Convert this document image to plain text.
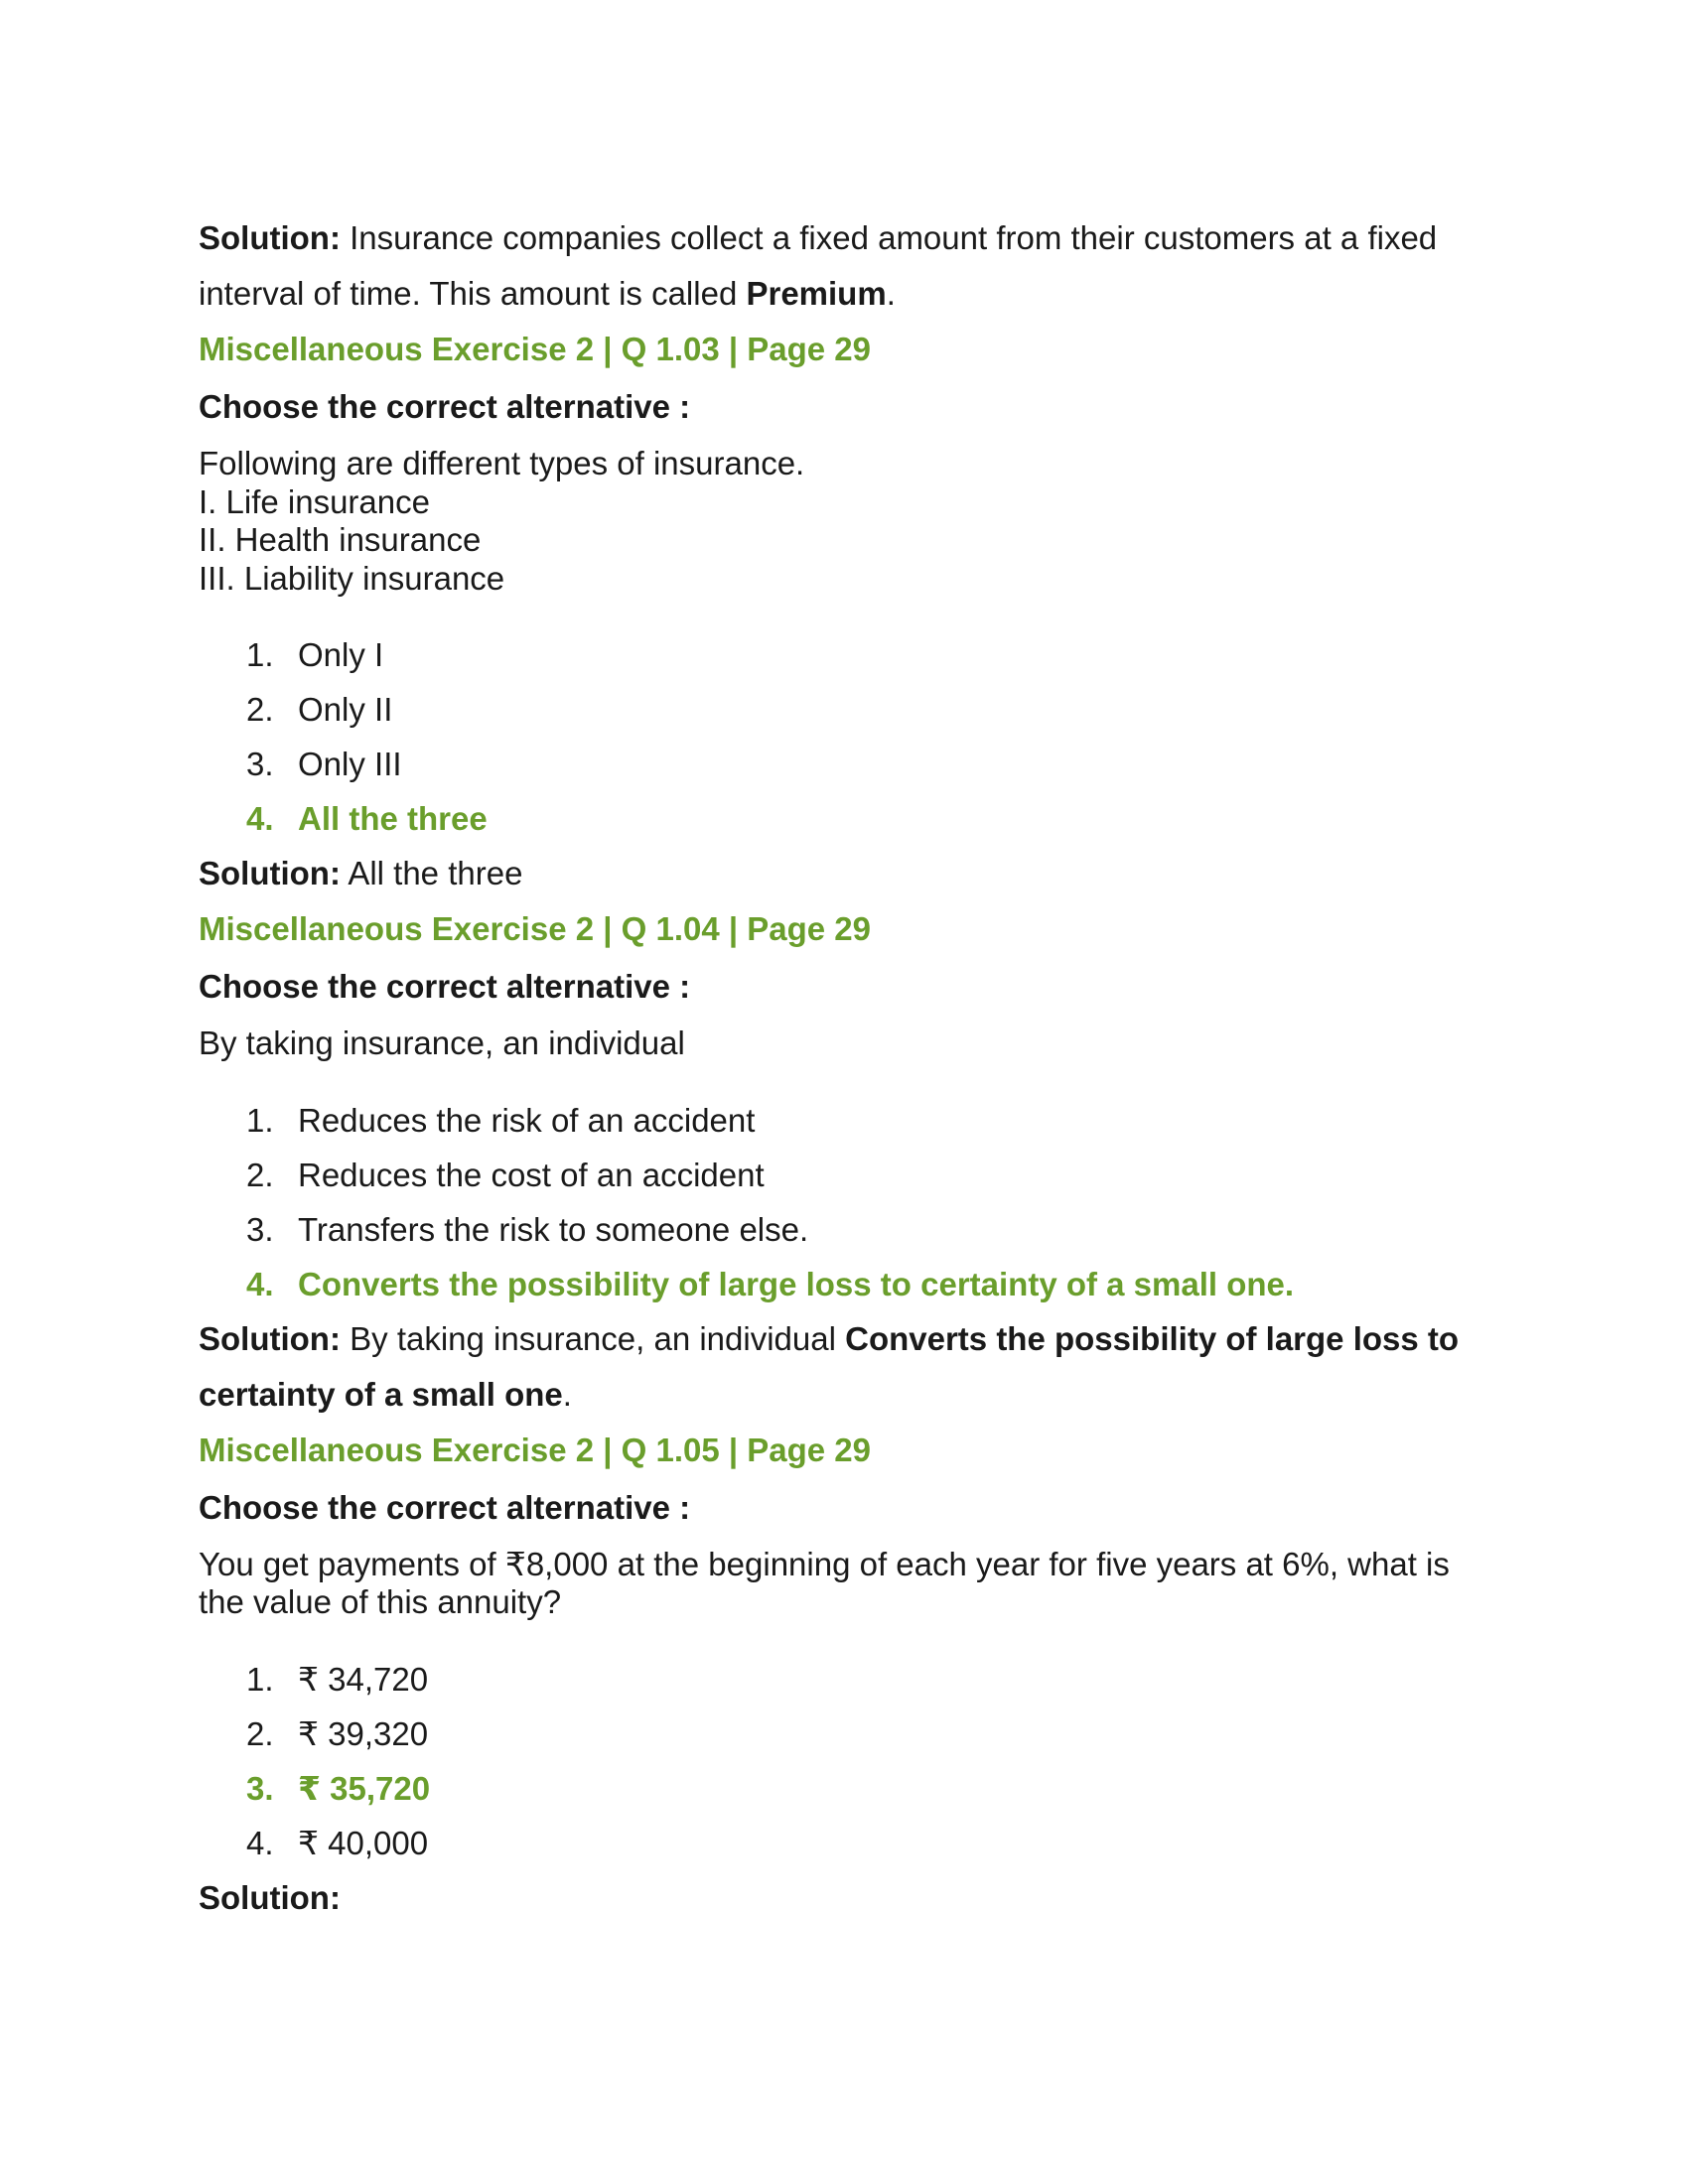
Solution: Insurance companies collect a fixed amount from their customers at a fixed interval of time. This amount is called Premium.

Miscellaneous Exercise 2 | Q 1.03 | Page 29

Choose the correct alternative :

Following are different types of insurance.
I. Life insurance
II. Health insurance
III. Liability insurance
1. Only I
2. Only II
3. Only III
4. All the three

Solution: All the three

Miscellaneous Exercise 2 | Q 1.04 | Page 29

Choose the correct alternative :

By taking insurance, an individual
1. Reduces the risk of an accident
2. Reduces the cost of an accident
3. Transfers the risk to someone else.
4. Converts the possibility of large loss to certainty of a small one.

Solution: By taking insurance, an individual Converts the possibility of large loss to certainty of a small one.

Miscellaneous Exercise 2 | Q 1.05 | Page 29

Choose the correct alternative :

You get payments of ₹8,000 at the beginning of each year for five years at 6%, what is the value of this annuity?
1. ₹ 34,720
2. ₹ 39,320
3. ₹ 35,720
4. ₹ 40,000

Solution:
